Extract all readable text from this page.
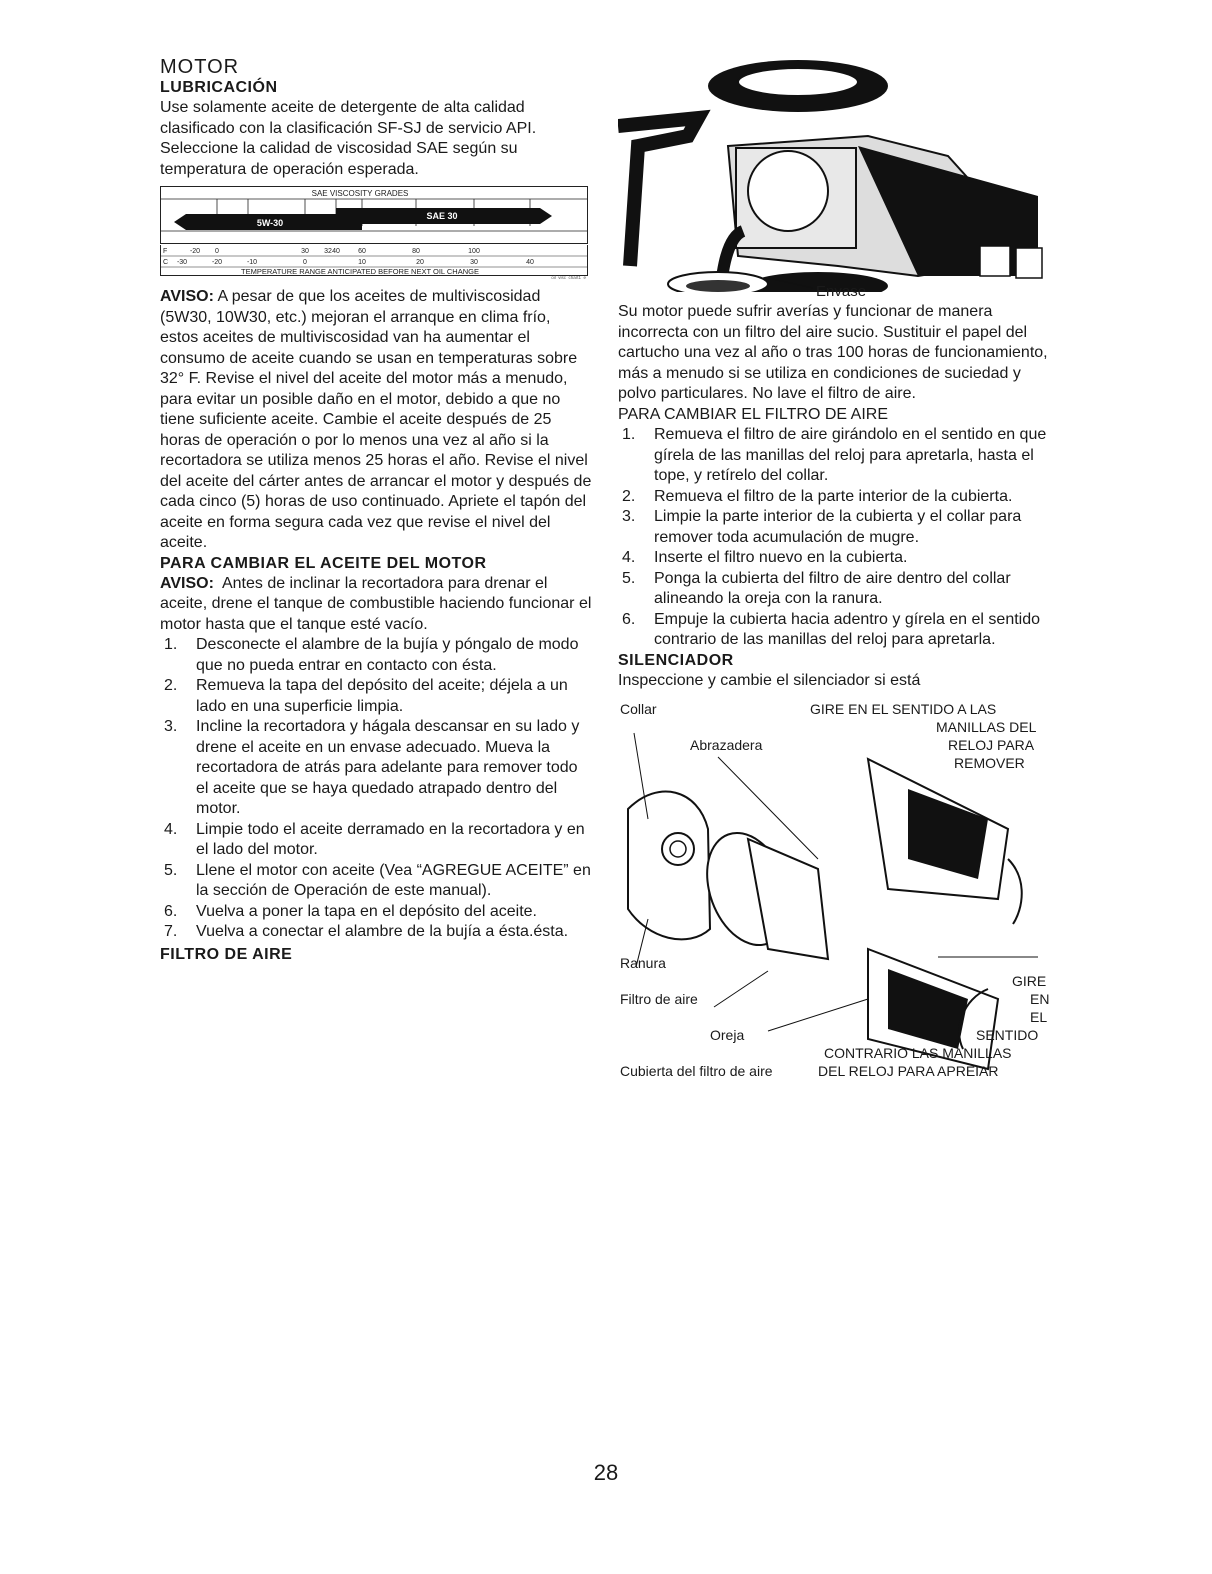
MOTOR
LUBRICACIÓN

Use solamente aceite de detergente de alta calidad clasificado con la clasificación SF-SJ de servicio API. Seleccione la calidad de viscosidad SAE según su temperatura de operación esperada.

SAE VISCOSITY GRADES
5W-30
SAE 30
F	-20 0	30 32 40	60	80	100
C -30	-20	-10	0	10	20	30	40
TEMPERATURE RANGE ANTICIPATED BEFORE NEXT OIL CHANGE
oil_visc_chart1_e

AVISO: A pesar de que los aceites de multiviscosidad (5W30, 10W30, etc.) mejoran el arranque en clima frío, estos aceites de multiviscosidad van ha aumentar el consumo de aceite cuando se usan en temperaturas sobre 32° F. Revise el nivel del aceite del motor más a menudo, para evitar un posible daño en el motor, debido a que no tiene suficiente aceite. Cambie el aceite después de 25 horas de operación o por lo menos una vez al año si la recortadora se utiliza menos 25 horas el año. Revise el nivel del aceite del cárter antes de arrancar el motor y después de cada cinco (5) horas de uso continuado. Apriete el tapón del aceite en forma segura cada vez que revise el nivel del aceite.

PARA CAMBIAR EL ACEITE DEL MOTOR

AVISO: Antes de inclinar la recortadora para drenar el aceite, drene el tanque de combustible haciendo funcionar el motor hasta que el tanque esté vacío.

1. Desconecte el alambre de la bujía y póngalo de modo que no pueda entrar en contacto con ésta.
2. Remueva la tapa del depósito del aceite; déjela a un lado en una superficie limpia.
3. Incline la recortadora y hágala descansar en su lado y drene el aceite en un envase adecuado. Mueva la recortadora de atrás para adelante para remover todo el aceite que se haya quedado atrapado dentro del motor.
4. Limpie todo el aceite derramado en la recortadora y en el lado del motor.
5. Llene el motor con aceite (Vea “AGREGUE ACEITE” en la sección de Operación de este manual).
6. Vuelva a poner la tapa en el depósito del aceite.
7. Vuelva a conectar el alambre de la bujía a ésta.ésta.
FILTRO DE AIRE
Envase

Su motor puede sufrir averías y funcionar de manera incorrecta con un filtro del aire sucio. Sustituir el papel del cartucho una vez al año o tras 100 horas de funcionamiento, más a menudo si se utiliza en condiciones de suciedad y polvo particulares. No lave el filtro de aire.

PARA CAMBIAR EL FILTRO DE AIRE
1. Remueva el filtro de aire girándolo en el sentido en que gírela de las manillas del reloj para apretarla, hasta el tope, y retírelo del collar.
2. Remueva el filtro de la parte interior de la cubierta.
3. Limpie la parte interior de la cubierta y el collar para remover toda acumulación de mugre.
4. Inserte el filtro nuevo en la cubierta.
5. Ponga la cubierta del filtro de aire dentro del collar alineando la oreja con la ranura.
6. Empuje la cubierta hacia adentro y gírela en el sentido contrario de las manillas del reloj para apretarla.
SILENCIADOR

Inspeccione y cambie el silenciador si está

Collar	GIRE EN EL SENTIDO A LAS
MANILLAS DEL
Abrazadera	RELOJ PARA
REMOVER
Ranura
GIRE
Filtro de aire	EN
EL
Oreja	SENTIDO
CONTRARIO LAS MANILLAS
Cubierta del filtro de aire	DEL RELOJ PARA APREIAR
28
